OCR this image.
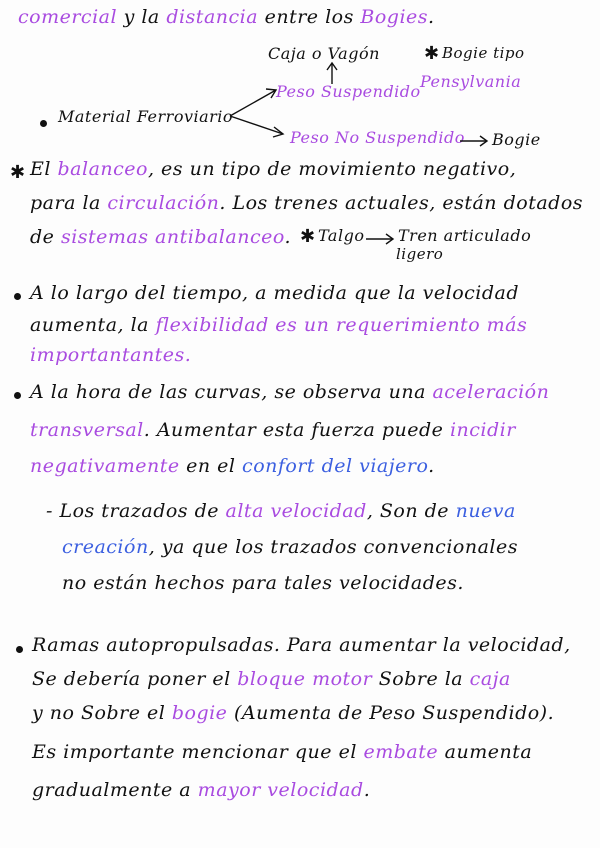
comercial y la distancia entre los Bogies.
Caja o Vagón ✱ Bogie tipo
Pensylvania
Peso Suspendido
Material Ferroviario
Peso No Suspendido Bogie
✱ El balanceo, es un tipo de movimiento negativo,
para la circulación. Los trenes actuales, están dotados
de sistemas antibalanceo. ✱ Talgo Tren articulado
ligero
A lo largo del tiempo, a medida que la velocidad
aumenta, la flexibilidad es un requerimiento más
importantantes.
A la hora de las curvas, se observa una aceleración
transversal. Aumentar esta fuerza puede incidir
negativamente en el confort del viajero.
- Los trazados de alta velocidad, Son de nueva
creación, ya que los trazados convencionales
no están hechos para tales velocidades.
Ramas autopropulsadas. Para aumentar la velocidad,
Se debería poner el bloque motor Sobre la caja
y no Sobre el bogie (Aumenta de Peso Suspendido).
Es importante mencionar que el embate aumenta
gradualmente a mayor velocidad.
